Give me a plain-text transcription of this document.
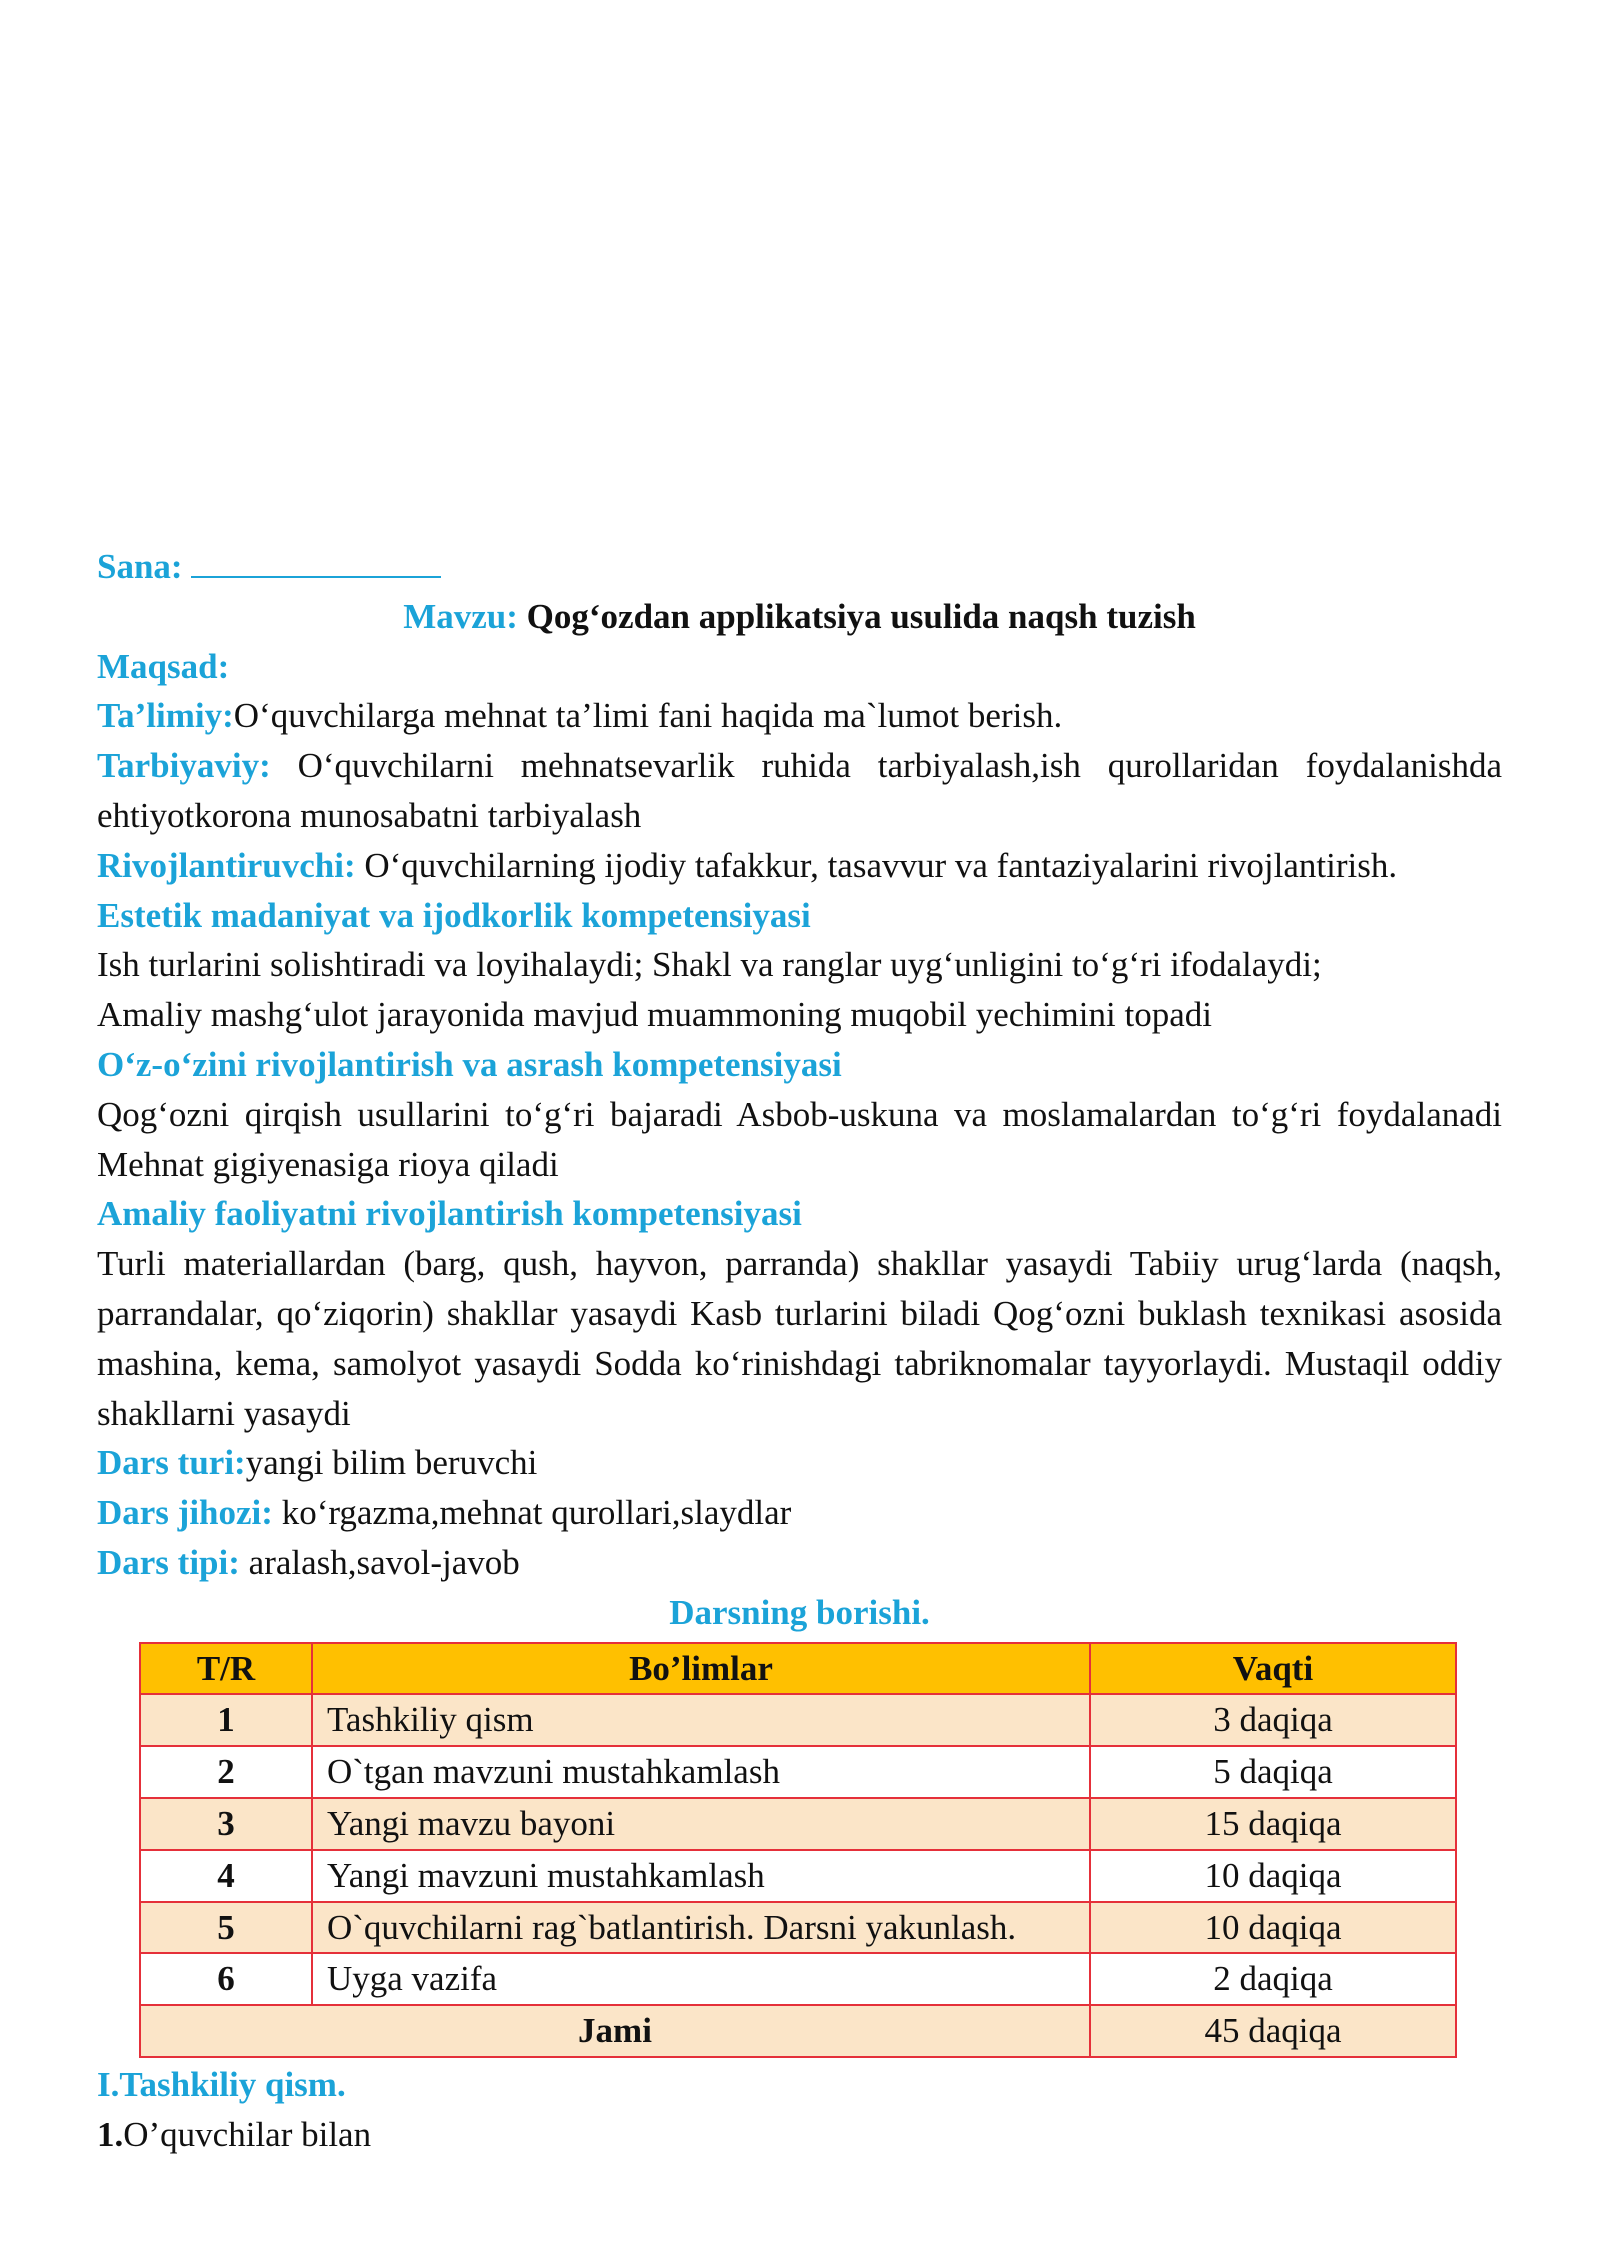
Sana:

Mavzu: Qog‘ozdan applikatsiya usulida naqsh tuzish

Maqsad:

Ta’limiy:O‘quvchilarga mehnat ta’limi fani haqida ma`lumot berish.

Tarbiyaviy: O‘quvchilarni mehnatsevarlik ruhida tarbiyalash,ish qurollaridan foydalanishda ehtiyotkorona munosabatni tarbiyalash

Rivojlantiruvchi: O‘quvchilarning ijodiy tafakkur, tasavvur va fantaziyalarini rivojlantirish.

Estetik madaniyat va ijodkorlik kompetensiyasi

Ish turlarini solishtiradi va loyihalaydi; Shakl va ranglar uyg‘unligini to‘g‘ri ifodalaydi;

Amaliy mashg‘ulot jarayonida mavjud muammoning muqobil yechimini topadi

O‘z-o‘zini rivojlantirish va asrash kompetensiyasi

Qog‘ozni qirqish usullarini to‘g‘ri bajaradi Asbob-uskuna va moslamalardan to‘g‘ri foydalanadi Mehnat gigiyenasiga rioya qiladi

Amaliy faoliyatni rivojlantirish kompetensiyasi

Turli materiallardan (barg, qush, hayvon, parranda) shakllar yasaydi Tabiiy urug‘larda (naqsh, parrandalar, qo‘ziqorin) shakllar yasaydi Kasb turlarini biladi Qog‘ozni buklash texnikasi asosida mashina, kema, samolyot yasaydi Sodda ko‘rinishdagi tabriknomalar tayyorlaydi. Mustaqil oddiy shakllarni yasaydi

Dars turi:yangi bilim beruvchi

Dars jihozi: ko‘rgazma,mehnat qurollari,slaydlar

Dars tipi: aralash,savol-javob

Darsning borishi.

T/R	Bo’limlar	Vaqti
1	Tashkiliy qism	3 daqiqa
2	O`tgan mavzuni mustahkamlash	5 daqiqa
3	Yangi mavzu bayoni	15 daqiqa
4	Yangi mavzuni mustahkamlash	10 daqiqa
5	O`quvchilarni rag`batlantirish. Darsni yakunlash.	10 daqiqa
6	Uyga vazifa	2 daqiqa
Jami		45 daqiqa

I.Tashkiliy qism.

1.O’quvchilar bilan
